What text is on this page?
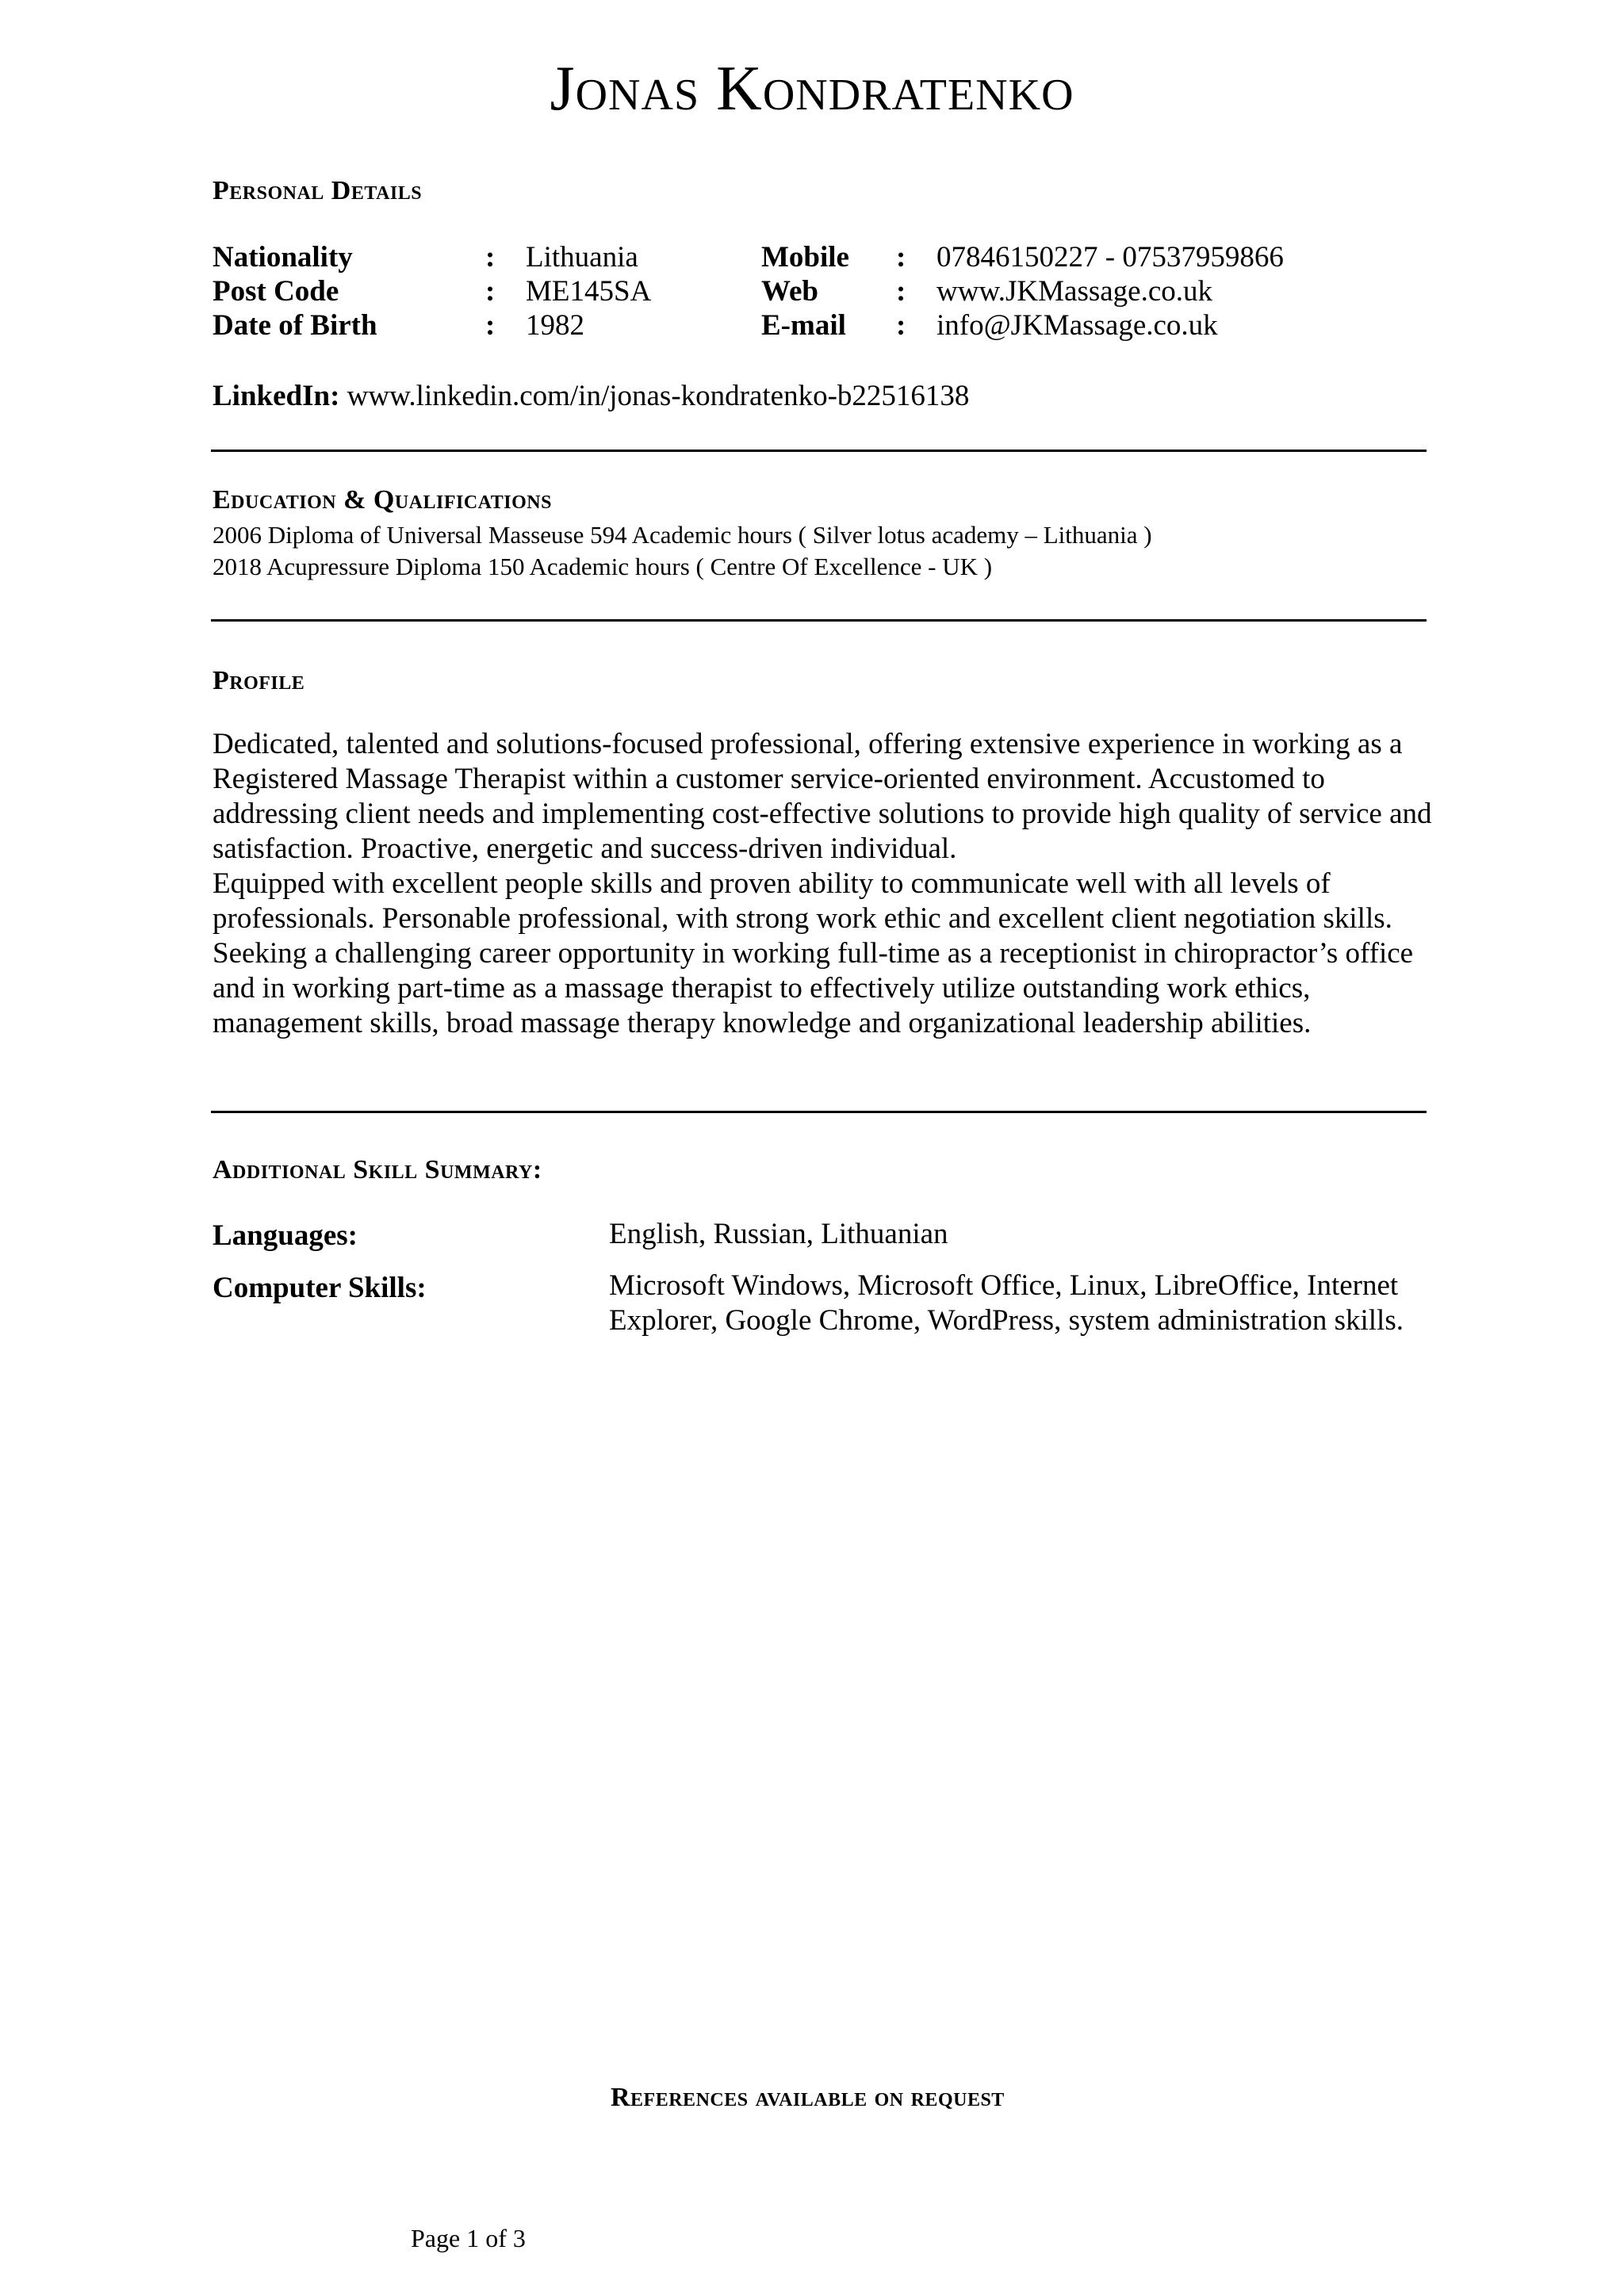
Jonas Kondratenko
Personal Details
Nationality	: Lithuania
Post Code	: ME145SA
Date of Birth	: 1982
Mobile : 07846150227 - 07537959866
Web	: www.JKMassage.co.uk
E-mail : info@JKMassage.co.uk
LinkedIn: www.linkedin.com/in/jonas-kondratenko-b22516138
Education & Qualifications
2006 Diploma of Universal Masseuse 594 Academic hours ( Silver lotus academy – Lithuania )
2018 Acupressure Diploma 150 Academic hours ( Centre Of Excellence - UK )
Profile

Dedicated, talented and solutions-focused professional, offering extensive experience in working as a Registered Massage Therapist within a customer service-oriented environment. Accustomed to addressing client needs and implementing cost-effective solutions to provide high quality of service and satisfaction. Proactive, energetic and success-driven individual.

Equipped with excellent people skills and proven ability to communicate well with all levels of professionals. Personable professional, with strong work ethic and excellent client negotiation skills. Seeking a challenging career opportunity in working full-time as a receptionist in chiropractor’s office and in working part-time as a massage therapist to effectively utilize outstanding work ethics, management skills, broad massage therapy knowledge and organizational leadership abilities.

Additional Skill Summary:
Languages:	English, Russian, Lithuanian
Computer Skills:	Microsoft Windows, Microsoft Office, Linux, LibreOffice, Internet Explorer, Google Chrome, WordPress, system administration skills.
References available on request
Page 1 of 3
